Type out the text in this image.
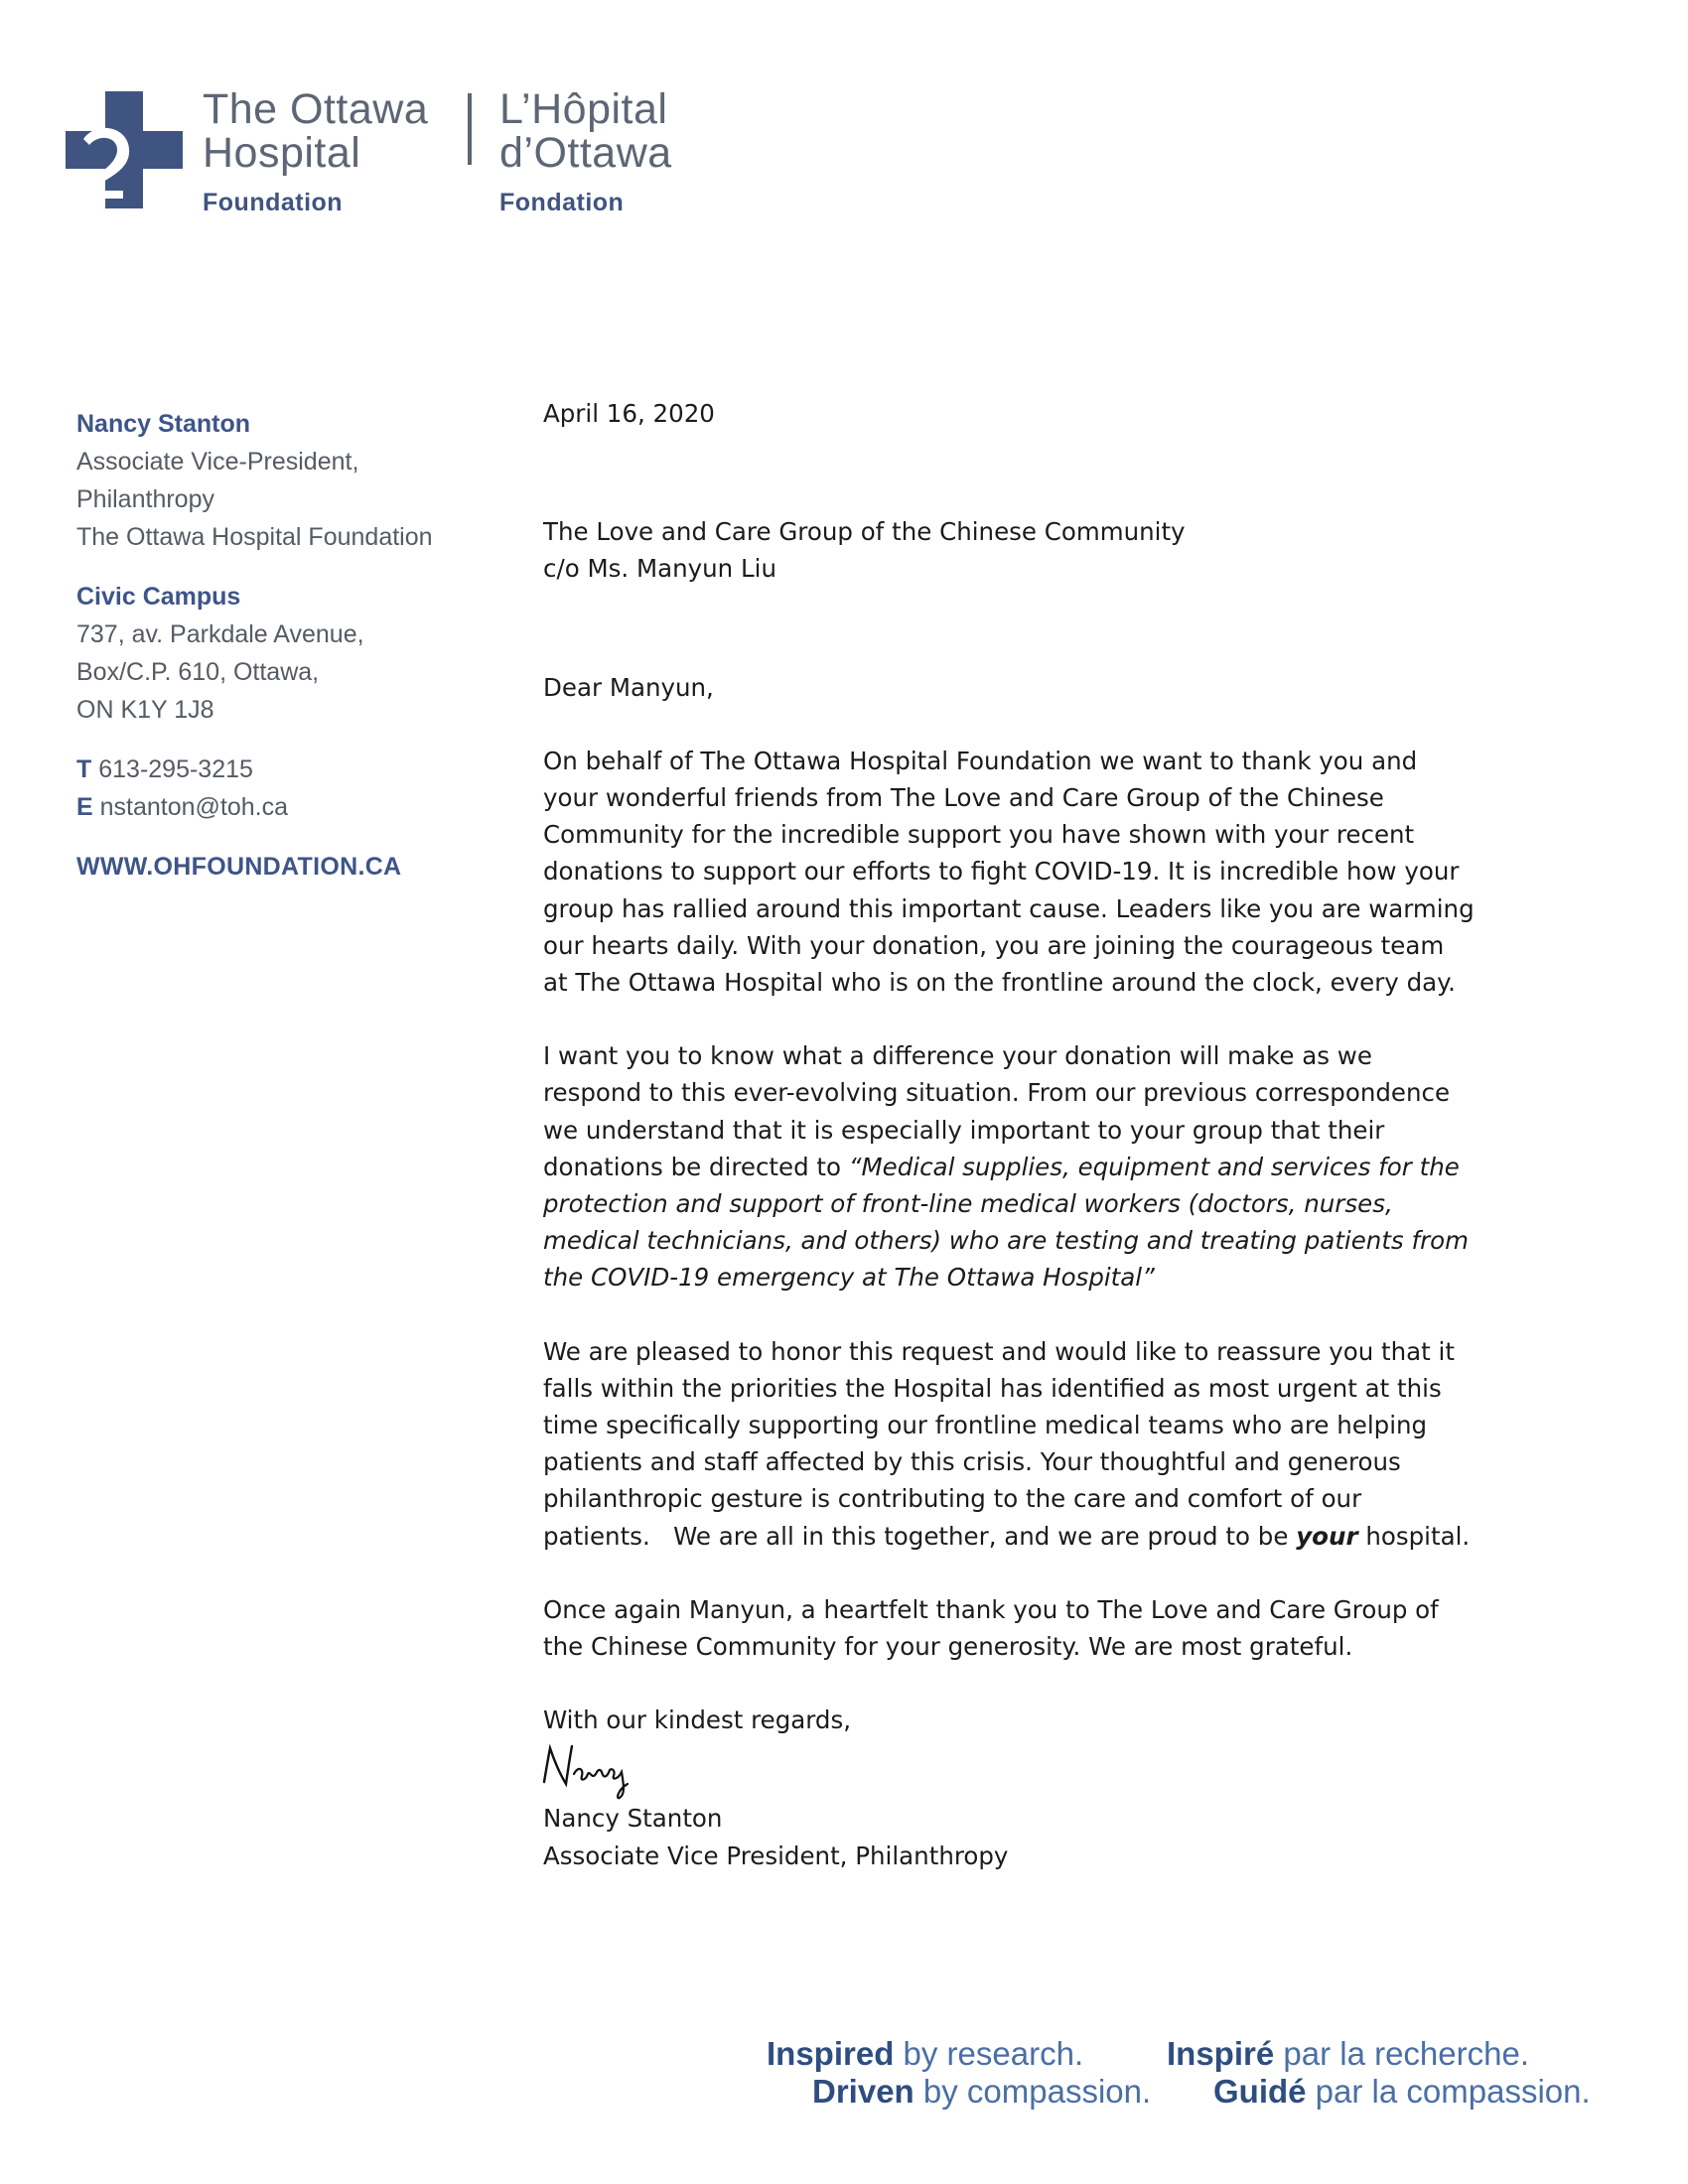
The Ottawa
Hospital
Foundation
L’Hôpital
d’Ottawa
Fondation
Nancy Stanton
Associate Vice-President,
Philanthropy
The Ottawa Hospital Foundation
Civic Campus
737, av. Parkdale Avenue,
Box/C.P. 610, Ottawa,
ON K1Y 1J8
T 613-295-3215
E nstanton@toh.ca
WWW.OHFOUNDATION.CA

April 16, 2020

The Love and Care Group of the Chinese Community

c/o Ms. Manyun Liu

Dear Manyun,

On behalf of The Ottawa Hospital Foundation we want to thank you and

your wonderful friends from The Love and Care Group of the Chinese

Community for the incredible support you have shown with your recent

donations to support our efforts to fight COVID-19. It is incredible how your

group has rallied around this important cause. Leaders like you are warming

our hearts daily. With your donation, you are joining the courageous team

at The Ottawa Hospital who is on the frontline around the clock, every day.

I want you to know what a difference your donation will make as we

respond to this ever-evolving situation. From our previous correspondence

we understand that it is especially important to your group that their

donations be directed to “Medical supplies, equipment and services for the

protection and support of front-line medical workers (doctors, nurses,

medical technicians, and others) who are testing and treating patients from

the COVID-19 emergency at The Ottawa Hospital”

We are pleased to honor this request and would like to reassure you that it

falls within the priorities the Hospital has identified as most urgent at this

time specifically supporting our frontline medical teams who are helping

patients and staff affected by this crisis. Your thoughtful and generous

philanthropic gesture is contributing to the care and comfort of our

patients.   We are all in this together, and we are proud to be your hospital.

Once again Manyun, a heartfelt thank you to The Love and Care Group of

the Chinese Community for your generosity. We are most grateful.

With our kindest regards,

Nancy Stanton

Associate Vice President, Philanthropy

Inspired by research.	Inspiré par la recherche.
Driven by compassion. Guidé par la compassion.
